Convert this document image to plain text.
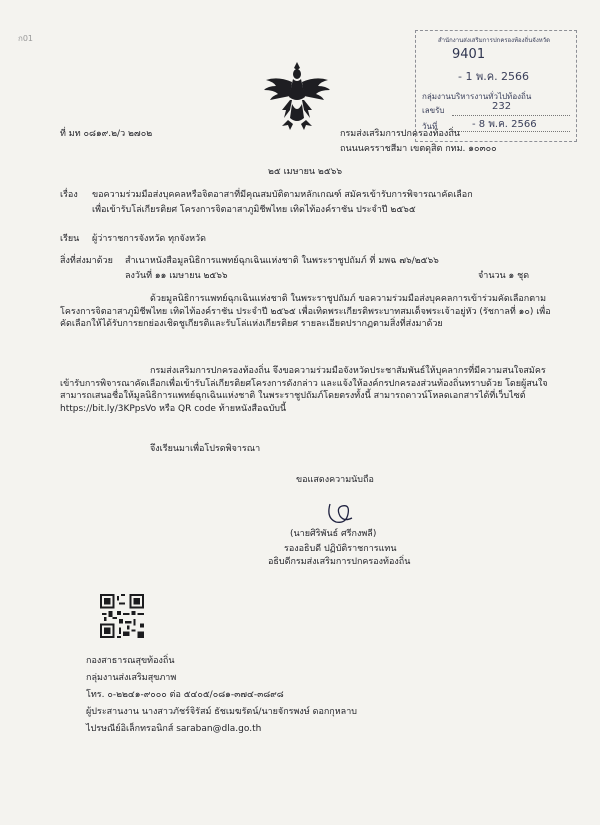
ก01	สำนักงานส่งเสริมการปกครองท้องถิ่นจังหวัด
9401
- 1 พ.ค. 2566
กลุ่มงานบริหารงานทั่วไปท้องถิ่น
เลขรับ	232
วันที่	- 8 พ.ค. 2566
ที่ มท ๐๘๑๙.๒/ว ๒๗๐๒	กรมส่งเสริมการปกครองท้องถิ่น
ถนนนครราชสีมา เขตดุสิต กทม. ๑๐๓๐๐
๒๕ เมษายน ๒๕๖๖
เรื่อง ขอความร่วมมือส่งบุคคลหรือจิตอาสาที่มีคุณสมบัติตามหลักเกณฑ์ สมัครเข้ารับการพิจารณาคัดเลือก
เพื่อเข้ารับโล่เกียรติยศ โครงการจิตอาสาภูมิชีพไทย เทิดไท้องค์ราชัน ประจำปี ๒๕๖๕
เรียน ผู้ว่าราชการจังหวัด ทุกจังหวัด
สิ่งที่ส่งมาด้วย สำเนาหนังสือมูลนิธิการแพทย์ฉุกเฉินแห่งชาติ ในพระราชูปถัมภ์ ที่ มพฉ ๗๖/๒๕๖๖
ลงวันที่ ๑๑ เมษายน ๒๕๖๖	จำนวน ๑ ชุด
ด้วยมูลนิธิการแพทย์ฉุกเฉินแห่งชาติ ในพระราชูปถัมภ์ ขอความร่วมมือส่งบุคคลการเข้าร่วมคัดเลือกตามโครงการจิตอาสาภูมิชีพไทย เทิดไท้องค์ราชัน ประจำปี ๒๕๖๕ เพื่อเทิดพระเกียรติพระบาทสมเด็จพระเจ้าอยู่หัว (รัชกาลที่ ๑๐) เพื่อคัดเลือกให้ได้รับการยกย่องเชิดชูเกียรติและรับโล่แห่งเกียรติยศ รายละเอียดปรากฏตามสิ่งที่ส่งมาด้วย
กรมส่งเสริมการปกครองท้องถิ่น จึงขอความร่วมมือจังหวัดประชาสัมพันธ์ให้บุคลากรที่มีความสนใจสมัครเข้ารับการพิจารณาคัดเลือกเพื่อเข้ารับโล่เกียรติยศโครงการดังกล่าว และแจ้งให้องค์กรปกครองส่วนท้องถิ่นทราบด้วย โดยผู้สนใจสามารถเสนอชื่อให้มูลนิธิการแพทย์ฉุกเฉินแห่งชาติ ในพระราชูปถัมภ์โดยตรงทั้งนี้ สามารถดาวน์โหลดเอกสารได้ที่เว็บไซต์ https://bit.ly/3KPpsVo หรือ QR code ท้ายหนังสือฉบับนี้
จึงเรียนมาเพื่อโปรดพิจารณา
ขอแสดงความนับถือ
(นายศิริพันธ์ ศรีกงพลี)
รองอธิบดี ปฏิบัติราชการแทน
อธิบดีกรมส่งเสริมการปกครองท้องถิ่น
กองสาธารณสุขท้องถิ่น
กลุ่มงานส่งเสริมสุขภาพ
โทร. ๐-๒๒๔๑-๙๐๐๐ ต่อ ๕๔๐๕/๐๘๑-๓๗๔-๓๘๙๘
ผู้ประสานงาน นางสาวภัชร์จิรัสม์ ธัชเมฆรัตน์/นายจักรพงษ์ ดอกกุหลาบ
ไปรษณีย์อิเล็กทรอนิกส์ saraban@dla.go.th
